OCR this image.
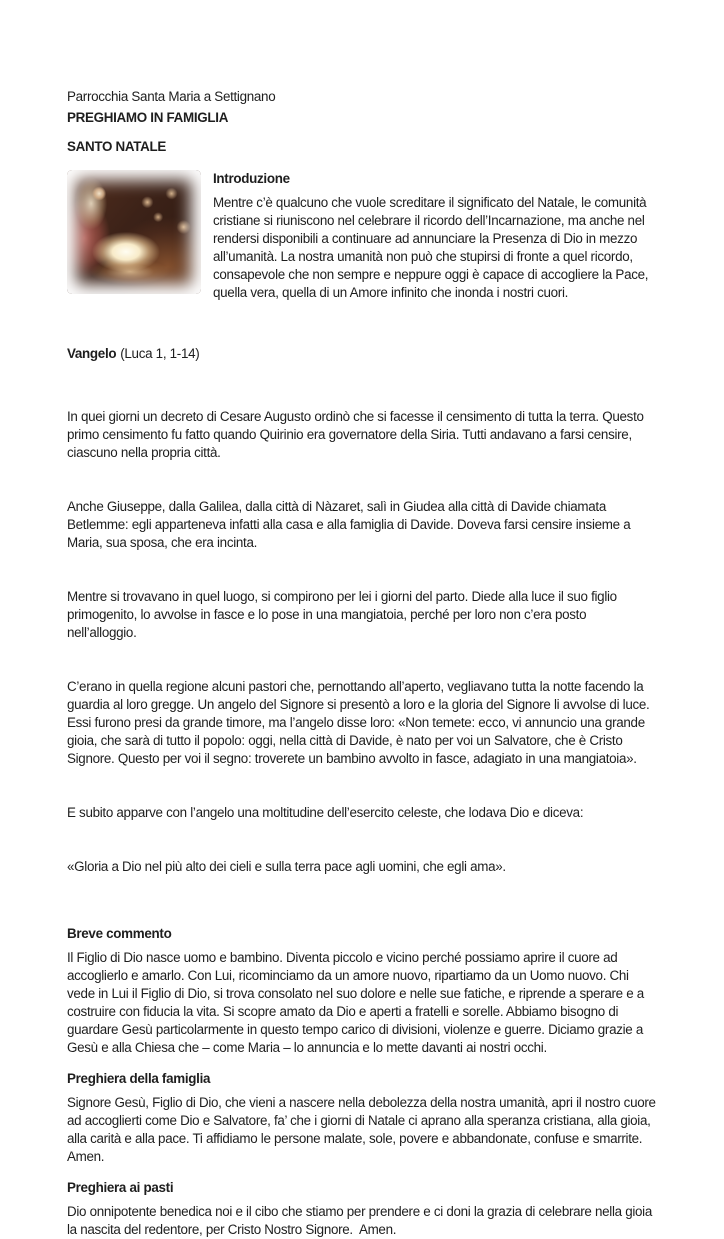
Parrocchia Santa Maria a Settignano
PREGHIAMO IN FAMIGLIA
SANTO NATALE
Introduzione

Mentre c’è qualcuno che vuole screditare il significato del Natale, le comunità cristiane si riuniscono nel celebrare il ricordo dell’Incarnazione, ma anche nel rendersi disponibili a continuare ad annunciare la Presenza di Dio in mezzo all’umanità. La nostra umanità non può che stupirsi di fronte a quel ricordo, consapevole che non sempre e neppure oggi è capace di accogliere la Pace, quella vera, quella di un Amore infinito che inonda i nostri cuori.

Vangelo (Luca 1, 1-14)

In quei giorni un decreto di Cesare Augusto ordinò che si facesse il censimento di tutta la terra. Questo primo censimento fu fatto quando Quirinio era governatore della Siria. Tutti andavano a farsi censire, ciascuno nella propria città.

Anche Giuseppe, dalla Galilea, dalla città di Nàzaret, salì in Giudea alla città di Davide chiamata Betlemme: egli apparteneva infatti alla casa e alla famiglia di Davide. Doveva farsi censire insieme a Maria, sua sposa, che era incinta.

Mentre si trovavano in quel luogo, si compirono per lei i giorni del parto. Diede alla luce il suo figlio primogenito, lo avvolse in fasce e lo pose in una mangiatoia, perché per loro non c’era posto nell’alloggio.

C’erano in quella regione alcuni pastori che, pernottando all’aperto, vegliavano tutta la notte facendo la guardia al loro gregge. Un angelo del Signore si presentò a loro e la gloria del Signore li avvolse di luce. Essi furono presi da grande timore, ma l’angelo disse loro: «Non temete: ecco, vi annuncio una grande gioia, che sarà di tutto il popolo: oggi, nella città di Davide, è nato per voi un Salvatore, che è Cristo Signore. Questo per voi il segno: troverete un bambino avvolto in fasce, adagiato in una mangiatoia».

E subito apparve con l’angelo una moltitudine dell’esercito celeste, che lodava Dio e diceva:

«Gloria a Dio nel più alto dei cieli e sulla terra pace agli uomini, che egli ama».

Breve commento

Il Figlio di Dio nasce uomo e bambino. Diventa piccolo e vicino perché possiamo aprire il cuore ad accoglierlo e amarlo. Con Lui, ricominciamo da un amore nuovo, ripartiamo da un Uomo nuovo. Chi vede in Lui il Figlio di Dio, si trova consolato nel suo dolore e nelle sue fatiche, e riprende a sperare e a costruire con fiducia la vita. Si scopre amato da Dio e aperti a fratelli e sorelle. Abbiamo bisogno di guardare Gesù particolarmente in questo tempo carico di divisioni, violenze e guerre. Diciamo grazie a Gesù e alla Chiesa che – come Maria – lo annuncia e lo mette davanti ai nostri occhi.

Preghiera della famiglia

Signore Gesù, Figlio di Dio, che vieni a nascere nella debolezza della nostra umanità, apri il nostro cuore ad accoglierti come Dio e Salvatore, fa’ che i giorni di Natale ci aprano alla speranza cristiana, alla gioia, alla carità e alla pace. Ti affidiamo le persone malate, sole, povere e abbandonate, confuse e smarrite. Amen.

Preghiera ai pasti

Dio onnipotente benedica noi e il cibo che stiamo per prendere e ci doni la grazia di celebrare nella gioia la nascita del redentore, per Cristo Nostro Signore.  Amen.
